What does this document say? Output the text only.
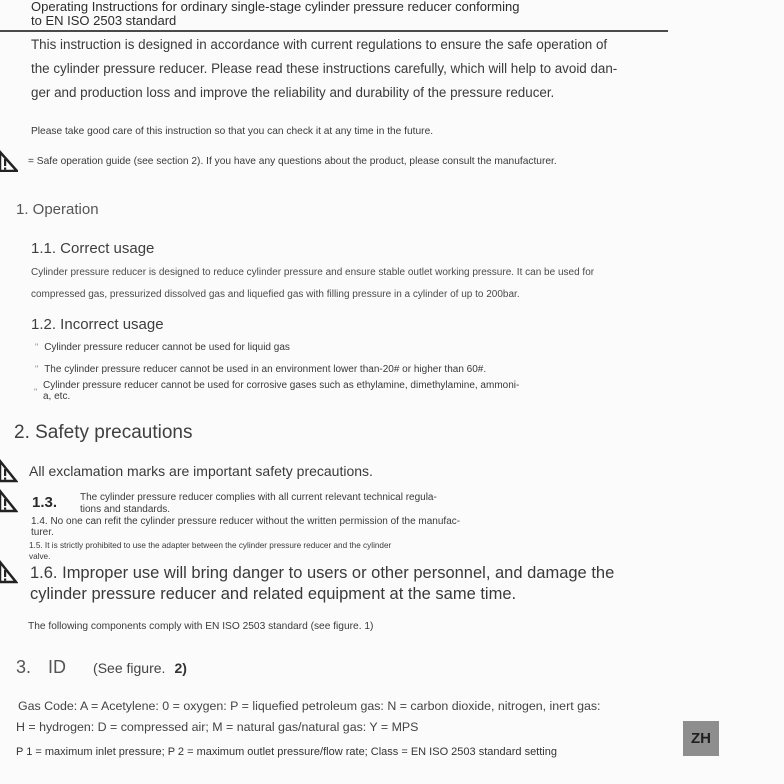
Operating Instructions for ordinary single-stage cylinder pressure reducer conforming
to EN ISO 2503 standard
This instruction is designed in accordance with current regulations to ensure the safe operation of
the cylinder pressure reducer. Please read these instructions carefully, which will help to avoid dan-
ger and production loss and improve the reliability and durability of the pressure reducer.
Please take good care of this instruction so that you can check it at any time in the future.
= Safe operation guide (see section 2). If you have any questions about the product, please consult the manufacturer.
1. Operation
1.1. Correct usage
Cylinder pressure reducer is designed to reduce cylinder pressure and ensure stable outlet working pressure. It can be used for
compressed gas, pressurized dissolved gas and liquefied gas with filling pressure in a cylinder of up to 200bar.
1.2. Incorrect usage
" Cylinder pressure reducer cannot be used for liquid gas
" The cylinder pressure reducer cannot be used in an environment lower than-20# or higher than 60#.
"
Cylinder pressure reducer cannot be used for corrosive gases such as ethylamine, dimethylamine, ammoni-
a, etc.
2. Safety precautions
All exclamation marks are important safety precautions.
1.3. The cylinder pressure reducer complies with all current relevant technical regula-
tions and standards.
1.4. No one can refit the cylinder pressure reducer without the written permission of the manufac-
turer.
1.5. It is strictly prohibited to use the adapter between the cylinder pressure reducer and the cylinder
valve.
1.6. Improper use will bring danger to users or other personnel, and damage the
cylinder pressure reducer and related equipment at the same time.
The following components comply with EN ISO 2503 standard (see figure. 1)
3. ID (See figure. 2)
Gas Code: A = Acetylene: 0 = oxygen: P = liquefied petroleum gas: N = carbon dioxide, nitrogen, inert gas:
H = hydrogen: D = compressed air; M = natural gas/natural gas: Y = MPS
P 1 = maximum inlet pressure; P 2 = maximum outlet pressure/flow rate; Class = EN ISO 2503 standard setting
ZH
